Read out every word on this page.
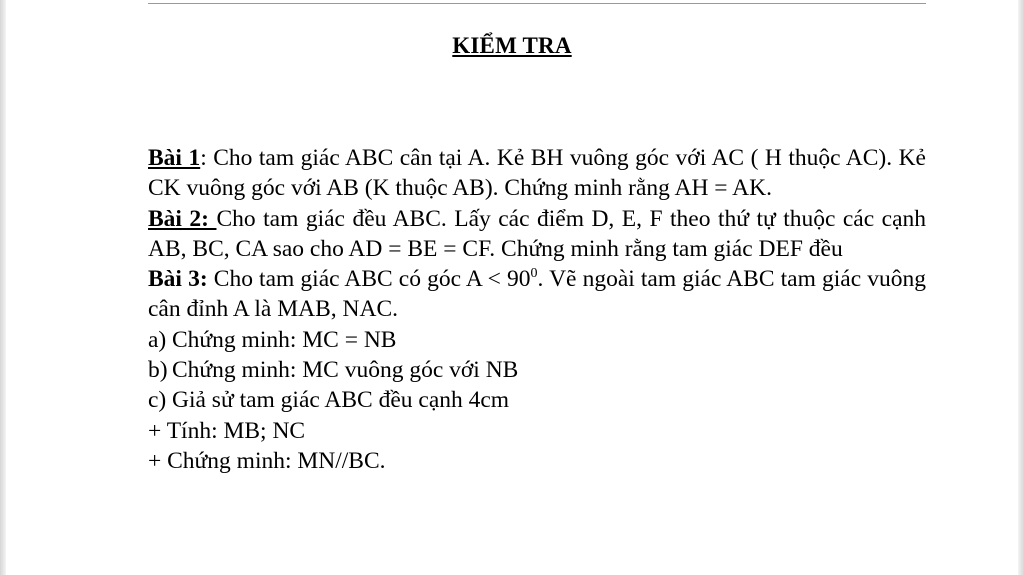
KIỂM TRA

Bài 1: Cho tam giác ABC cân tại A. Kẻ BH vuông góc với AC ( H thuộc AC). Kẻ CK vuông góc với AB (K thuộc AB). Chứng minh rằng AH = AK.

Bài 2: Cho tam giác đều ABC. Lấy các điểm D, E, F theo thứ tự thuộc các cạnh AB, BC, CA sao cho AD = BE = CF. Chứng minh rằng tam giác DEF đều

Bài 3: Cho tam giác ABC có góc $A < 90^0$. Vẽ ngoài tam giác ABC tam giác vuông cân đỉnh A là MAB, NAC.

a) Chứng minh: MC = NB

b) Chứng minh: MC vuông góc với NB

c) Giả sử tam giác ABC đều cạnh 4cm

+ Tính: MB; NC

+ Chứng minh: MN//BC.
